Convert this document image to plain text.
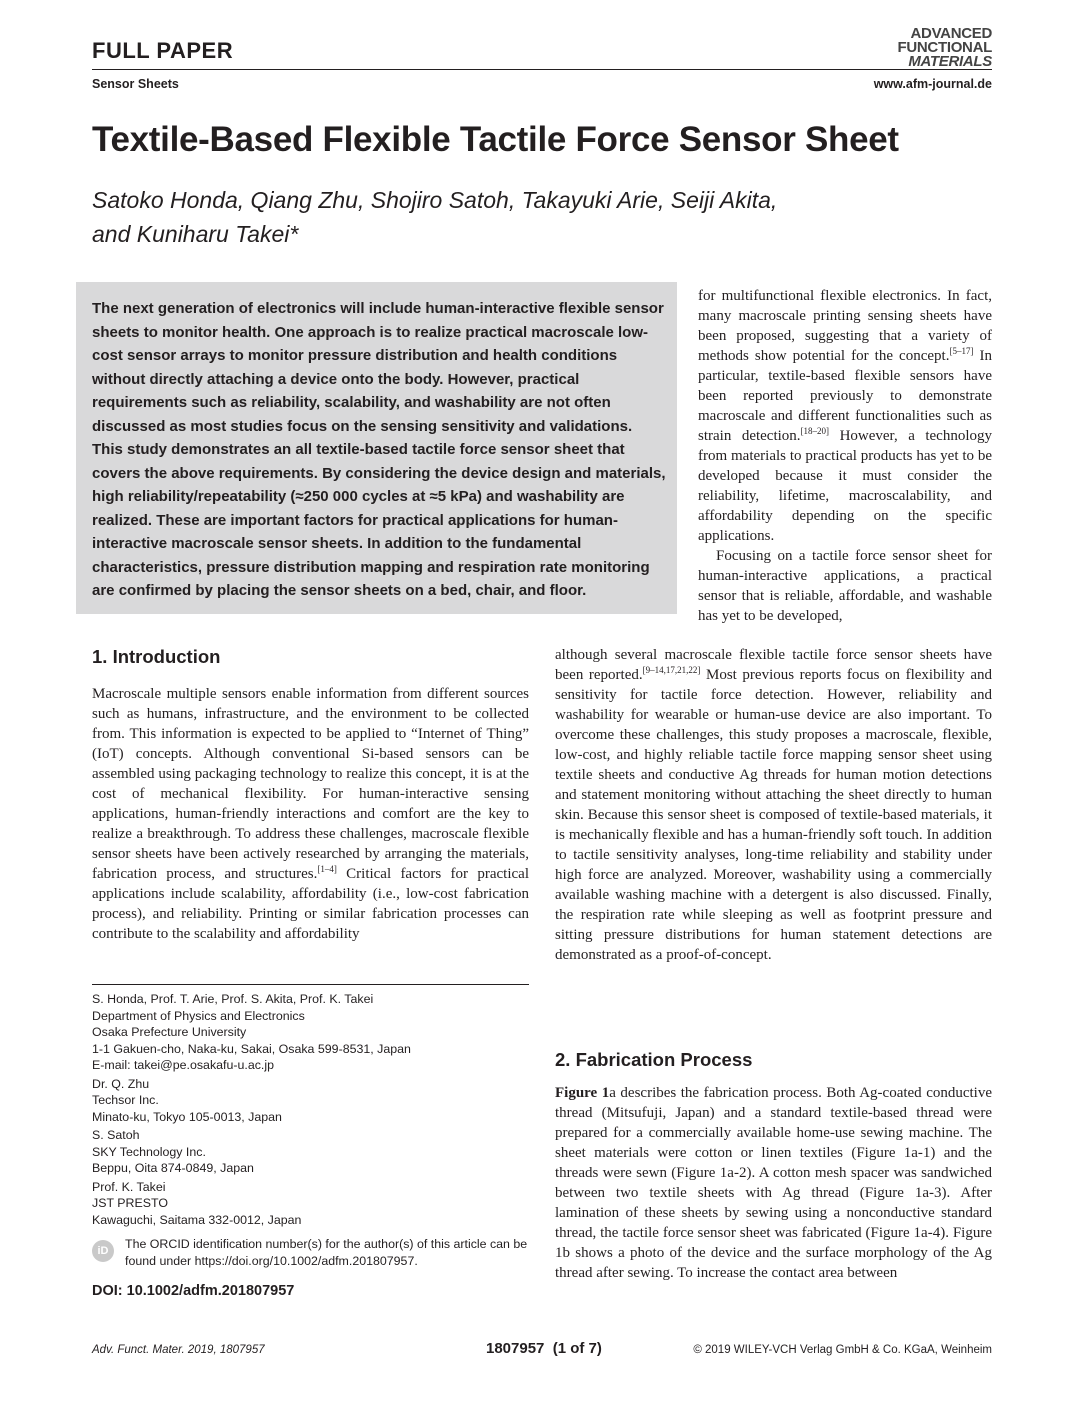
FULL PAPER
ADVANCED
FUNCTIONAL
MATERIALS
Sensor Sheets	www.afm-journal.de
Textile-Based Flexible Tactile Force Sensor Sheet
Satoko Honda, Qiang Zhu, Shojiro Satoh, Takayuki Arie, Seiji Akita,
and Kuniharu Takei*
The next generation of electronics will include human-interactive flexible sensor sheets to monitor health. One approach is to realize practical macroscale low-cost sensor arrays to monitor pressure distribution and health conditions without directly attaching a device onto the body. However, practical requirements such as reliability, scalability, and washability are not often discussed as most studies focus on the sensing sensitivity and validations. This study demonstrates an all textile-based tactile force sensor sheet that covers the above requirements. By considering the device design and materials, high reliability/repeatability (≈250 000 cycles at ≈5 kPa) and washability are realized. These are important factors for practical applications for human-interactive macroscale sensor sheets. In addition to the fundamental characteristics, pressure distribution mapping and respiration rate monitoring are confirmed by placing the sensor sheets on a bed, chair, and floor.

for multifunctional flexible electronics. In fact, many macroscale printing sensing sheets have been proposed, suggesting that a variety of methods show potential for the concept.[5–17] In particular, textile-based flexible sensors have been reported previously to demonstrate macroscale and different functionalities such as strain detection.[18–20] However, a technology from materials to practical products has yet to be developed because it must consider the reliability, lifetime, macroscalability, and affordability depending on the specific applications.

Focusing on a tactile force sensor sheet for human-interactive applications, a practical sensor that is reliable, affordable, and washable has yet to be developed,

1. Introduction

Macroscale multiple sensors enable information from different sources such as humans, infrastructure, and the environment to be collected from. This information is expected to be applied to “Internet of Thing” (IoT) concepts. Although conventional Si-based sensors can be assembled using packaging technology to realize this concept, it is at the cost of mechanical flexibility. For human-interactive sensing applications, human-friendly interactions and comfort are the key to realize a breakthrough. To address these challenges, macroscale flexible sensor sheets have been actively researched by arranging the materials, fabrication process, and structures.[1–4] Critical factors for practical applications include scalability, affordability (i.e., low-cost fabrication process), and reliability. Printing or similar fabrication processes can contribute to the scalability and affordability

although several macroscale flexible tactile force sensor sheets have been reported.[9–14,17,21,22] Most previous reports focus on flexibility and sensitivity for tactile force detection. However, reliability and washability for wearable or human-use device are also important. To overcome these challenges, this study proposes a macroscale, flexible, low-cost, and highly reliable tactile force mapping sensor sheet using textile sheets and conductive Ag threads for human motion detections and statement monitoring without attaching the sheet directly to human skin. Because this sensor sheet is composed of textile-based materials, it is mechanically flexible and has a human-friendly soft touch. In addition to tactile sensitivity analyses, long-time reliability and stability under high force are analyzed. Moreover, washability using a commercially available washing machine with a detergent is also discussed. Finally, the respiration rate while sleeping as well as footprint pressure and sitting pressure distributions for human statement detections are demonstrated as a proof-of-concept.

2. Fabrication Process

Figure 1a describes the fabrication process. Both Ag-coated conductive thread (Mitsufuji, Japan) and a standard textile-based thread were prepared for a commercially available home-use sewing machine. The sheet materials were cotton or linen textiles (Figure 1a-1) and the threads were sewn (Figure 1a-2). A cotton mesh spacer was sandwiched between two textile sheets with Ag thread (Figure 1a-3). After lamination of these sheets by sewing using a nonconductive standard thread, the tactile force sensor sheet was fabricated (Figure 1a-4). Figure 1b shows a photo of the device and the surface morphology of the Ag thread after sewing. To increase the contact area between

S. Honda, Prof. T. Arie, Prof. S. Akita, Prof. K. Takei
Department of Physics and Electronics
Osaka Prefecture University
1-1 Gakuen-cho, Naka-ku, Sakai, Osaka 599-8531, Japan
E-mail: takei@pe.osakafu-u.ac.jp
Dr. Q. Zhu
Techsor Inc.
Minato-ku, Tokyo 105-0013, Japan
S. Satoh
SKY Technology Inc.
Beppu, Oita 874-0849, Japan
Prof. K. Takei
JST PRESTO
Kawaguchi, Saitama 332-0012, Japan
iD	The ORCID identification number(s) for the author(s) of this article can be found under https://doi.org/10.1002/adfm.201807957.
DOI: 10.1002/adfm.201807957
Adv. Funct. Mater. 2019, 1807957	1807957  (1 of 7)	© 2019 WILEY-VCH Verlag GmbH & Co. KGaA, Weinheim
